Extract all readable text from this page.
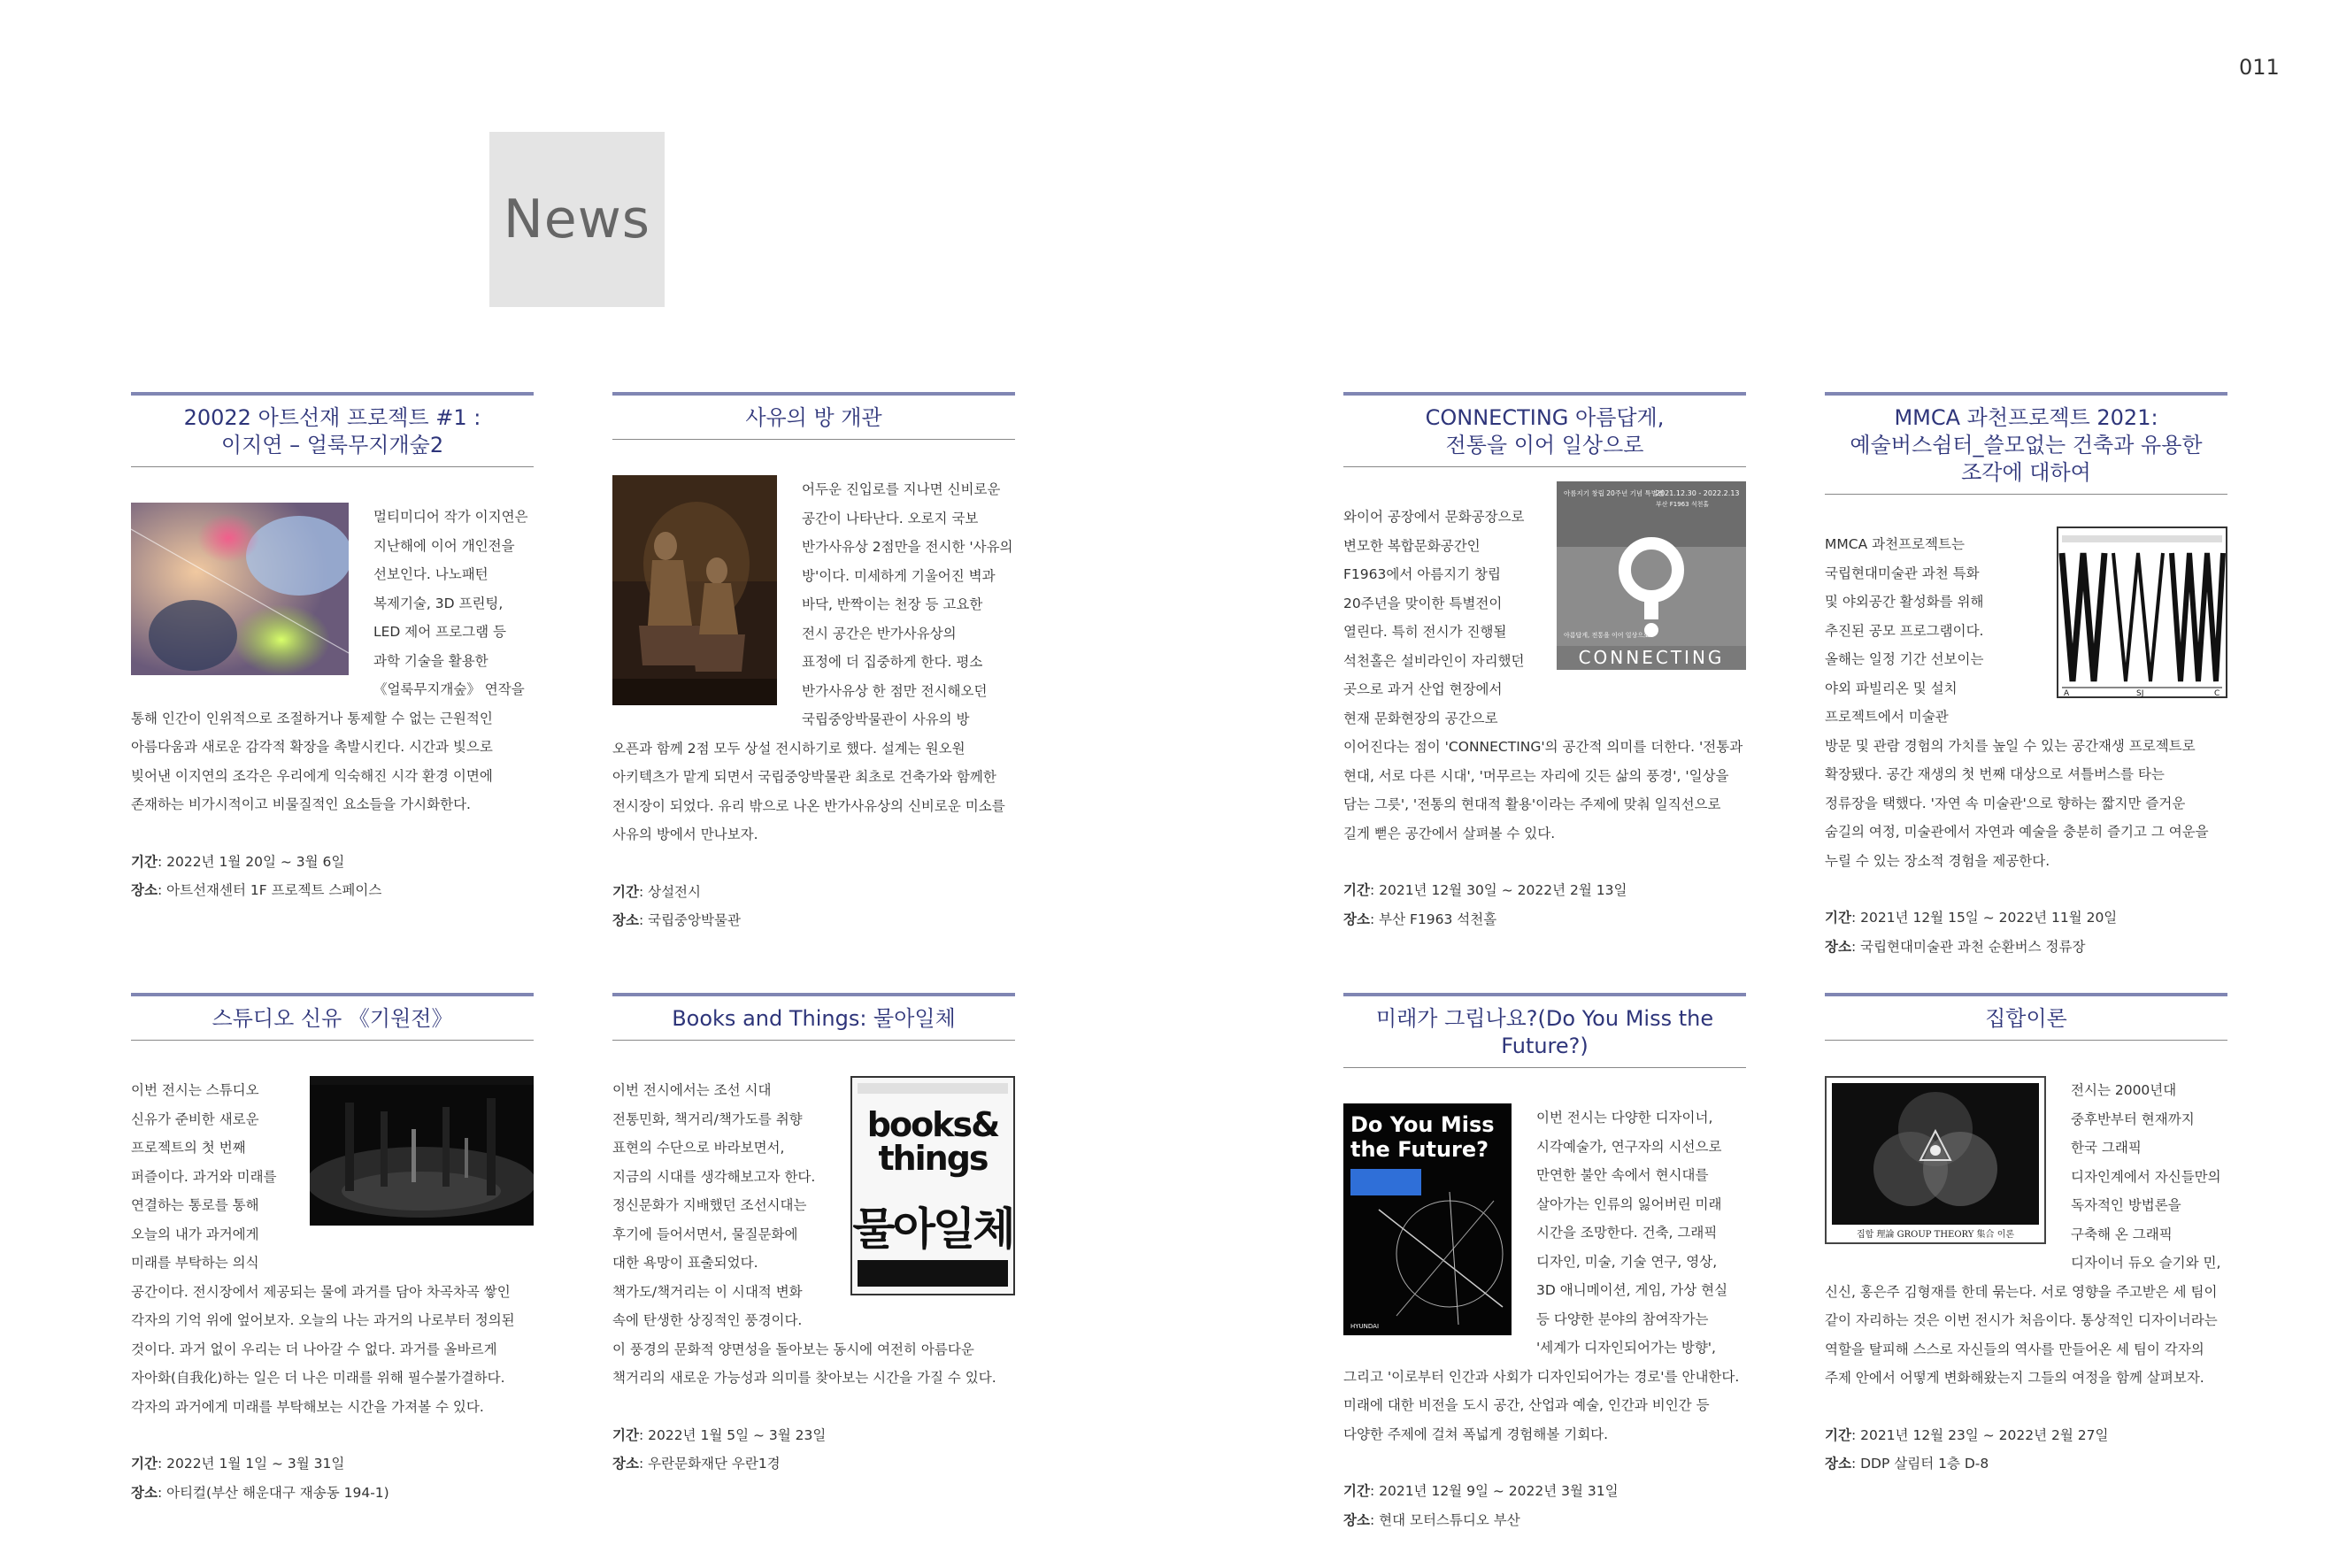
011
News
20022 아트선재 프로젝트 #1 :
이지연 – 얼룩무지개숲2
멀티미디어 작가 이지연은
지난해에 이어 개인전을
선보인다. 나노패턴
복제기술, 3D 프린팅,
LED 제어 프로그램 등
과학 기술을 활용한
《얼룩무지개숲》 연작을
통해 인간이 인위적으로 조절하거나 통제할 수 없는 근원적인
아름다움과 새로운 감각적 확장을 촉발시킨다. 시간과 빛으로
빚어낸 이지연의 조각은 우리에게 익숙해진 시각 환경 이면에
존재하는 비가시적이고 비물질적인 요소들을 가시화한다.
기간: 2022년 1월 20일 ~ 3월 6일
장소: 아트선재센터 1F 프로젝트 스페이스
사유의 방 개관
어두운 진입로를 지나면 신비로운
공간이 나타난다. 오로지 국보
반가사유상 2점만을 전시한 '사유의
방'이다. 미세하게 기울어진 벽과
바닥, 반짝이는 천장 등 고요한
전시 공간은 반가사유상의
표정에 더 집중하게 한다. 평소
반가사유상 한 점만 전시해오던
국립중앙박물관이 사유의 방
오픈과 함께 2점 모두 상설 전시하기로 했다. 설계는 원오원
아키텍츠가 맡게 되면서 국립중앙박물관 최초로 건축가와 함께한
전시장이 되었다. 유리 밖으로 나온 반가사유상의 신비로운 미소를
사유의 방에서 만나보자.
기간: 상설전시
장소: 국립중앙박물관
CONNECTING 아름답게,
전통을 이어 일상으로
아름지기 창립 20주년 기념 특별전
2021.12.30 - 2022.2.13
부산 F1963 석천홀
아름답게, 전통을 이어 일상으로
CONNECTING
와이어 공장에서 문화공장으로
변모한 복합문화공간인
F1963에서 아름지기 창립
20주년을 맞이한 특별전이
열린다. 특히 전시가 진행될
석천홀은 설비라인이 자리했던
곳으로 과거 산업 현장에서
현재 문화현장의 공간으로
이어진다는 점이 'CONNECTING'의 공간적 의미를 더한다. '전통과
현대, 서로 다른 시대', '머무르는 자리에 깃든 삶의 풍경', '일상을
담는 그릇', '전통의 현대적 활용'이라는 주제에 맞춰 일직선으로
길게 뻗은 공간에서 살펴볼 수 있다.
기간: 2021년 12월 30일 ~ 2022년 2월 13일
장소: 부산 F1963 석천홀
MMCA 과천프로젝트 2021:
예술버스쉼터_쓸모없는 건축과 유용한
조각에 대하여
A	SJ	C
MMCA 과천프로젝트는
국립현대미술관 과천 특화
및 야외공간 활성화를 위해
추진된 공모 프로그램이다.
올해는 일정 기간 선보이는
야외 파빌리온 및 설치
프로젝트에서 미술관
방문 및 관람 경험의 가치를 높일 수 있는 공간재생 프로젝트로
확장됐다. 공간 재생의 첫 번째 대상으로 셔틀버스를 타는
정류장을 택했다. '자연 속 미술관'으로 향하는 짧지만 즐거운
숨길의 여정, 미술관에서 자연과 예술을 충분히 즐기고 그 여운을
누릴 수 있는 장소적 경험을 제공한다.
기간: 2021년 12월 15일 ~ 2022년 11월 20일
장소: 국립현대미술관 과천 순환버스 정류장
스튜디오 신유 《기원전》
이번 전시는 스튜디오
신유가 준비한 새로운
프로젝트의 첫 번째
퍼즐이다. 과거와 미래를
연결하는 통로를 통해
오늘의 내가 과거에게
미래를 부탁하는 의식
공간이다. 전시장에서 제공되는 물에 과거를 담아 차곡차곡 쌓인
각자의 기억 위에 엎어보자. 오늘의 나는 과거의 나로부터 정의된
것이다. 과거 없이 우리는 더 나아갈 수 없다. 과거를 올바르게
자아화(自我化)하는 일은 더 나은 미래를 위해 필수불가결하다.
각자의 과거에게 미래를 부탁해보는 시간을 가져볼 수 있다.
기간: 2022년 1월 1일 ~ 3월 31일
장소: 아티컬(부산 해운대구 재송동 194-1)
Books and Things: 물아일체
books&
things
물아일체
이번 전시에서는 조선 시대
전통민화, 책거리/책가도를 취향
표현의 수단으로 바라보면서,
지금의 시대를 생각해보고자 한다.
정신문화가 지배했던 조선시대는
후기에 들어서면서, 물질문화에
대한 욕망이 표출되었다.
책가도/책거리는 이 시대적 변화
속에 탄생한 상징적인 풍경이다.
이 풍경의 문화적 양면성을 돌아보는 동시에 여전히 아름다운
책거리의 새로운 가능성과 의미를 찾아보는 시간을 가질 수 있다.
기간: 2022년 1월 5일 ~ 3월 23일
장소: 우란문화재단 우란1경
미래가 그립나요?(Do You Miss the Future?)
Do You Miss
the Future?
HYUNDAI
이번 전시는 다양한 디자이너,
시각예술가, 연구자의 시선으로
만연한 불안 속에서 현시대를
살아가는 인류의 잃어버린 미래
시간을 조망한다. 건축, 그래픽
디자인, 미술, 기술 연구, 영상,
3D 애니메이션, 게임, 가상 현실
등 다양한 분야의 참여작가는
'세계가 디자인되어가는 방향',
그리고 '이로부터 인간과 사회가 디자인되어가는 경로'를 안내한다.
미래에 대한 비전을 도시 공간, 산업과 예술, 인간과 비인간 등
다양한 주제에 걸쳐 폭넓게 경험해볼 기회다.
기간: 2021년 12월 9일 ~ 2022년 3월 31일
장소: 현대 모터스튜디오 부산
집합이론
집합 理論 GROUP THEORY 集合 이론
전시는 2000년대
중후반부터 현재까지
한국 그래픽
디자인계에서 자신들만의
독자적인 방법론을
구축해 온 그래픽
디자이너 듀오 슬기와 민,
신신, 홍은주 김형재를 한데 묶는다. 서로 영향을 주고받은 세 팀이
같이 자리하는 것은 이번 전시가 처음이다. 통상적인 디자이너라는
역할을 탈피해 스스로 자신들의 역사를 만들어온 세 팀이 각자의
주제 안에서 어떻게 변화해왔는지 그들의 여정을 함께 살펴보자.
기간: 2021년 12월 23일 ~ 2022년 2월 27일
장소: DDP 살림터 1층 D-8
